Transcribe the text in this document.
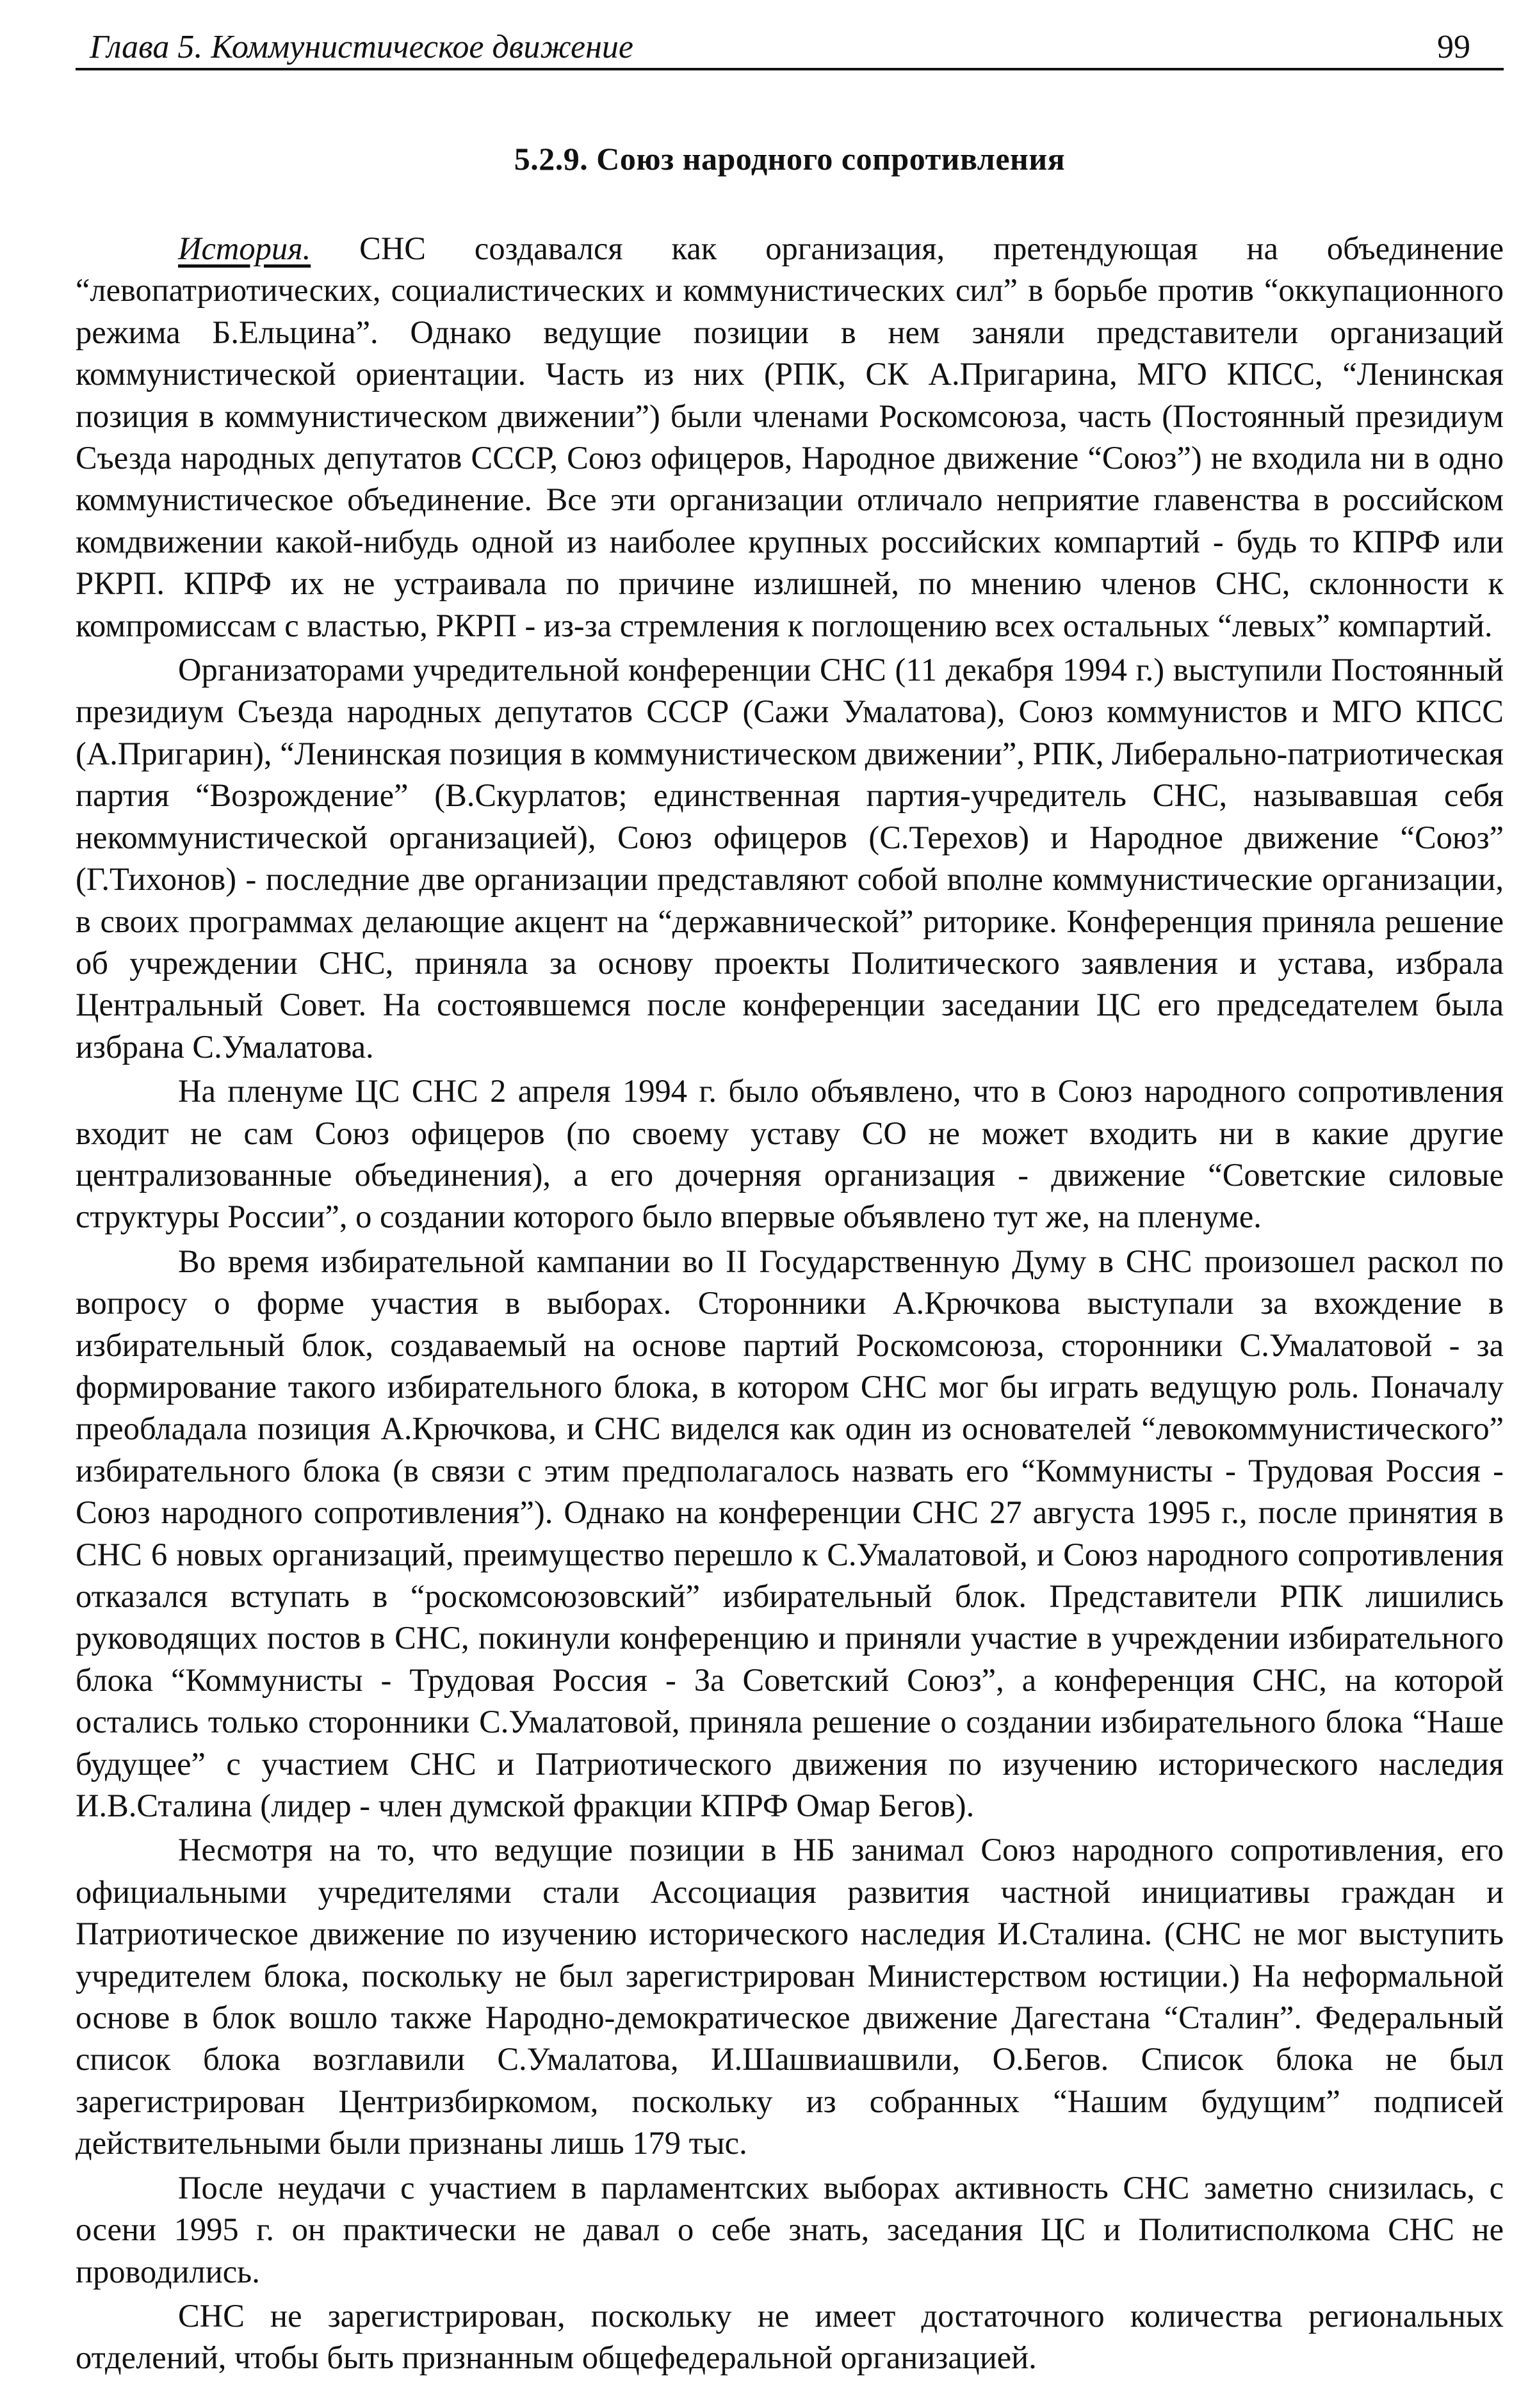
Глава 5. Коммунистическое движение	99
5.2.9. Союз народного сопротивления

История. СНС создавался как организация, претендующая на объединение “левопатриотических, социалистических и коммунистических сил” в борьбе против “оккупационного режима Б.Ельцина”. Однако ведущие позиции в нем заняли представители организаций коммунистической ориентации. Часть из них (РПК, СК А.Пригарина, МГО КПСС, “Ленинская позиция в коммунистическом движении”) были членами Роскомсоюза, часть (Постоянный президиум Съезда народных депутатов СССР, Союз офицеров, Народное движение “Союз”) не входила ни в одно коммунистическое объединение. Все эти организации отличало неприятие главенства в российском комдвижении какой-нибудь одной из наиболее крупных российских компартий - будь то КПРФ или РКРП. КПРФ их не устраивала по причине излишней, по мнению членов СНС, склонности к компромиссам с властью, РКРП - из-за стремления к поглощению всех остальных “левых” компартий.

Организаторами учредительной конференции СНС (11 декабря 1994 г.) выступили Постоянный президиум Съезда народных депутатов СССР (Сажи Умалатова), Союз коммунистов и МГО КПСС (А.Пригарин), “Ленинская позиция в коммунистическом движении”, РПК, Либерально-патриотическая партия “Возрождение” (В.Скурлатов; единственная партия-учредитель СНС, называвшая себя некоммунистической организацией), Союз офицеров (С.Терехов) и Народное движение “Союз” (Г.Тихонов) - последние две организации представляют собой вполне коммунистические организации, в своих программах делающие акцент на “державнической” риторике. Конференция приняла решение об учреждении СНС, приняла за основу проекты Политического заявления и устава, избрала Центральный Совет. На состоявшемся после конференции заседании ЦС его председателем была избрана С.Умалатова.

На пленуме ЦС СНС 2 апреля 1994 г. было объявлено, что в Союз народного сопротивления входит не сам Союз офицеров (по своему уставу СО не может входить ни в какие другие централизованные объединения), а его дочерняя организация - движение “Советские силовые структуры России”, о создании которого было впервые объявлено тут же, на пленуме.

Во время избирательной кампании во II Государственную Думу в СНС произошел раскол по вопросу о форме участия в выборах. Сторонники А.Крючкова выступали за вхождение в избирательный блок, создаваемый на основе партий Роскомсоюза, сторонники С.Умалатовой - за формирование такого избирательного блока, в котором СНС мог бы играть ведущую роль. Поначалу преобладала позиция А.Крючкова, и СНС виделся как один из основателей “левокоммунистического” избирательного блока (в связи с этим предполагалось назвать его “Коммунисты - Трудовая Россия - Союз народного сопротивления”). Однако на конференции СНС 27 августа 1995 г., после принятия в СНС 6 новых организаций, преимущество перешло к С.Умалатовой, и Союз народного сопротивления отказался вступать в “роскомсоюзовский” избирательный блок. Представители РПК лишились руководящих постов в СНС, покинули конференцию и приняли участие в учреждении избирательного блока “Коммунисты - Трудовая Россия - За Советский Союз”, а конференция СНС, на которой остались только сторонники С.Умалатовой, приняла решение о создании избирательного блока “Наше будущее” с участием СНС и Патриотического движения по изучению исторического наследия И.В.Сталина (лидер - член думской фракции КПРФ Омар Бегов).

Несмотря на то, что ведущие позиции в НБ занимал Союз народного сопротивления, его официальными учредителями стали Ассоциация развития частной инициативы граждан и Патриотическое движение по изучению исторического наследия И.Сталина. (СНС не мог выступить учредителем блока, поскольку не был зарегистрирован Министерством юстиции.) На неформальной основе в блок вошло также Народно-демократическое движение Дагестана “Сталин”. Федеральный список блока возглавили С.Умалатова, И.Шашвиашвили, О.Бегов. Список блока не был зарегистрирован Центризбиркомом, поскольку из собранных “Нашим будущим” подписей действительными были признаны лишь 179 тыс.

После неудачи с участием в парламентских выборах активность СНС заметно снизилась, с осени 1995 г. он практически не давал о себе знать, заседания ЦС и Политисполкома СНС не проводились.

СНС не зарегистрирован, поскольку не имеет достаточного количества региональных отделений, чтобы быть признанным общефедеральной организацией.
